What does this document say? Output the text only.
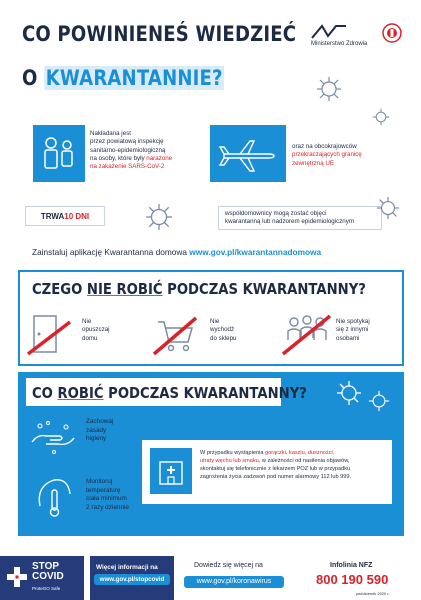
CO POWINIENEŚ WIEDZIEĆ
O KWARANTANNIE?
Ministerstwo Zdrowia
Nakładana jest
przez powiatową inspekcję
sanitarno-epidemiologiczną
na osoby, które były narażone
na zakażenie SARS-CoV-2
oraz na obcokrajowców
przekraczających granicę
zewnętrzną UE
TRWA 10 DNI	współdomownicy mogą zostać objęci
kwarantanną lub nadzorem epidemiologicznym
Zainstaluj aplikację Kwarantanna domowa www.gov.pl/kwarantannadomowa
CZEGO NIE ROBIĆ PODCZAS KWARANTANNY?
Nie
opuszczaj
domu
Nie
wychodź
do sklepu
Nie spotykaj
się z innymi
osobami
CO ROBIĆ PODCZAS KWARANTANNY?
Zachowaj
zasady
higieny
Monitoruj
temperaturę
ciała minimum
2 razy dziennie
W przypadku wystąpienia gorączki, kaszlu, duszności,
utraty węchu lub smaku, w zależności od nasilenia objawów,
skontaktuj się telefonicznie z lekarzem POZ lub w przypadku
zagrożenia życia zadzwoń pod numer alarmowy 112 lub 999.
STOP
COVID
ProteGO Safe
Więcej informacji na
www.gov.pl/stopcovid
Dowiedz się więcej na
www.gov.pl/koronawirus
Infolinia NFZ
800 190 590
październik 2020 r.
